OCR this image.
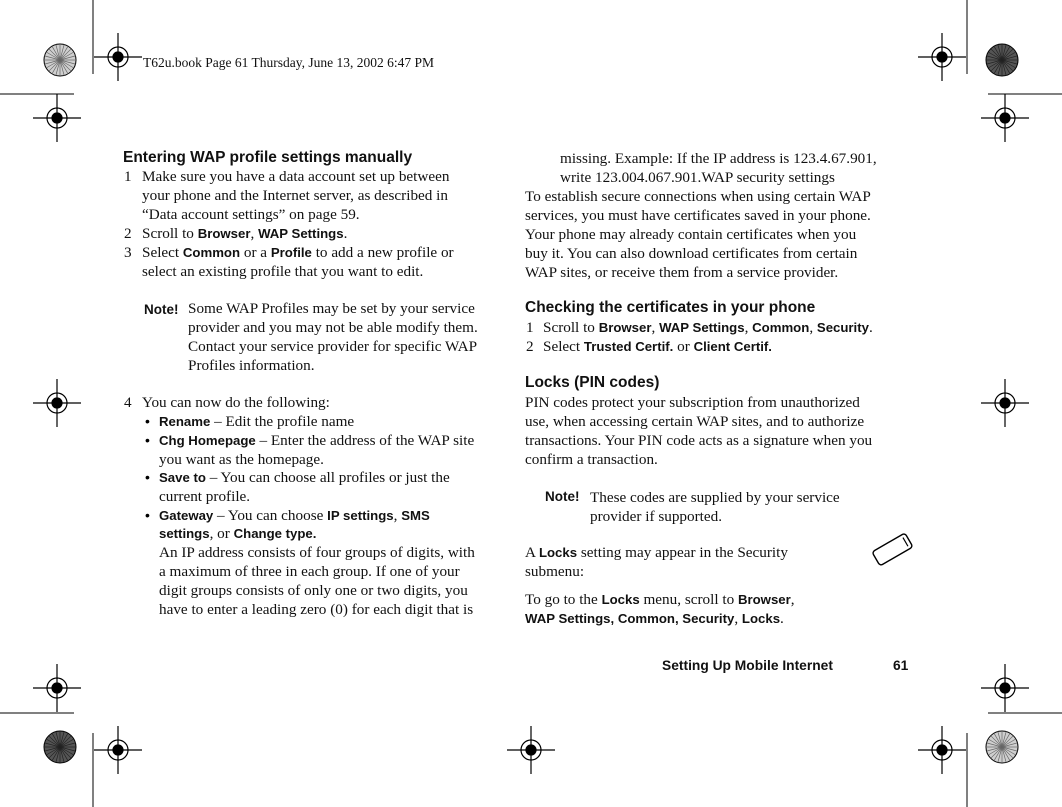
T62u.book Page 61 Thursday, June 13, 2002 6:47 PM
Entering WAP profile settings manually
1 Make sure you have a data account set up between
your phone and the Internet server, as described in
“Data account settings” on page 59.
2 Scroll to Browser, WAP Settings.
3 Select Common or a Profile to add a new profile or
select an existing profile that you want to edit.
Note! Some WAP Profiles may be set by your service
provider and you may not be able modify them.
Contact your service provider for specific WAP
Profiles information.
4 You can now do the following:
• Rename – Edit the profile name
• Chg Homepage – Enter the address of the WAP site
you want as the homepage.
• Save to – You can choose all profiles or just the
current profile.
• Gateway – You can choose IP settings, SMS
settings, or Change type.
An IP address consists of four groups of digits, with
a maximum of three in each group. If one of your
digit groups consists of only one or two digits, you
have to enter a leading zero (0) for each digit that is
missing. Example: If the IP address is 123.4.67.901,
write 123.004.067.901.WAP security settings
To establish secure connections when using certain WAP
services, you must have certificates saved in your phone.
Your phone may already contain certificates when you
buy it. You can also download certificates from certain
WAP sites, or receive them from a service provider.
Checking the certificates in your phone
1 Scroll to Browser, WAP Settings, Common, Security.
2 Select Trusted Certif. or Client Certif.
Locks (PIN codes)
PIN codes protect your subscription from unauthorized
use, when accessing certain WAP sites, and to authorize
transactions. Your PIN code acts as a signature when you
confirm a transaction.
Note! These codes are supplied by your service
provider if supported.
A Locks setting may appear in the Security
submenu:
To go to the Locks menu, scroll to Browser,
WAP Settings, Common, Security, Locks.
Setting Up Mobile Internet	61
